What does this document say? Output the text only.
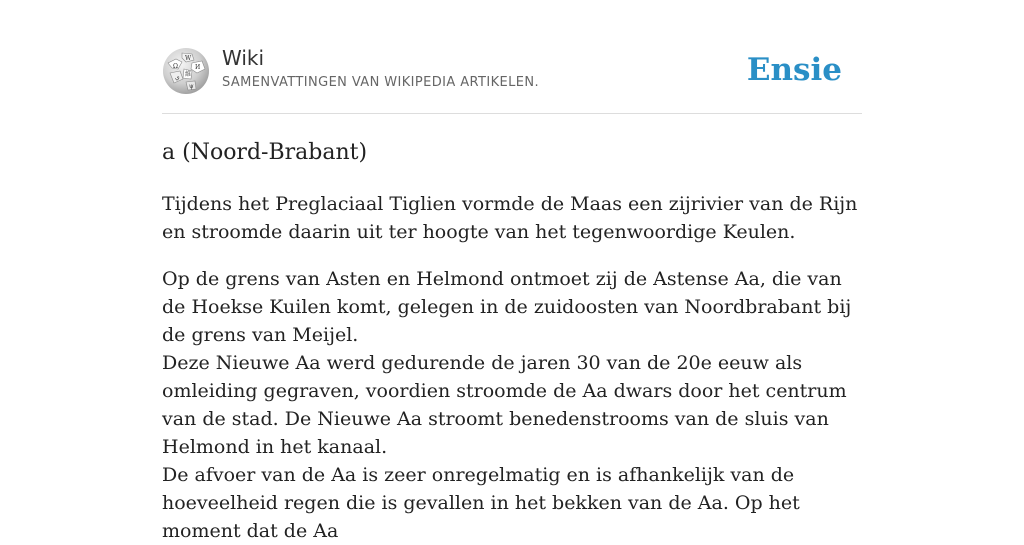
Ω
W
И
ي 維
ψ
Wiki
SAMENVATTINGEN VAN WIKIPEDIA ARTIKELEN.	Ensie
a (Noord-Brabant)

Tijdens het Preglaciaal Tiglien vormde de Maas een zijrivier van de Rijn en stroomde daarin uit ter hoogte van het tegenwoordige Keulen.

Op de grens van Asten en Helmond ontmoet zij de Astense Aa, die van de Hoekse Kuilen komt, gelegen in de zuidoosten van Noordbrabant bij de grens van Meijel.

Deze Nieuwe Aa werd gedurende de jaren 30 van de 20e eeuw als omleiding gegraven, voordien stroomde de Aa dwars door het centrum van de stad. De Nieuwe Aa stroomt benedenstrooms van de sluis van Helmond in het kanaal.

De afvoer van de Aa is zeer onregelmatig en is afhankelijk van de hoeveelheid regen die is gevallen in het bekken van de Aa. Op het moment dat de Aa
